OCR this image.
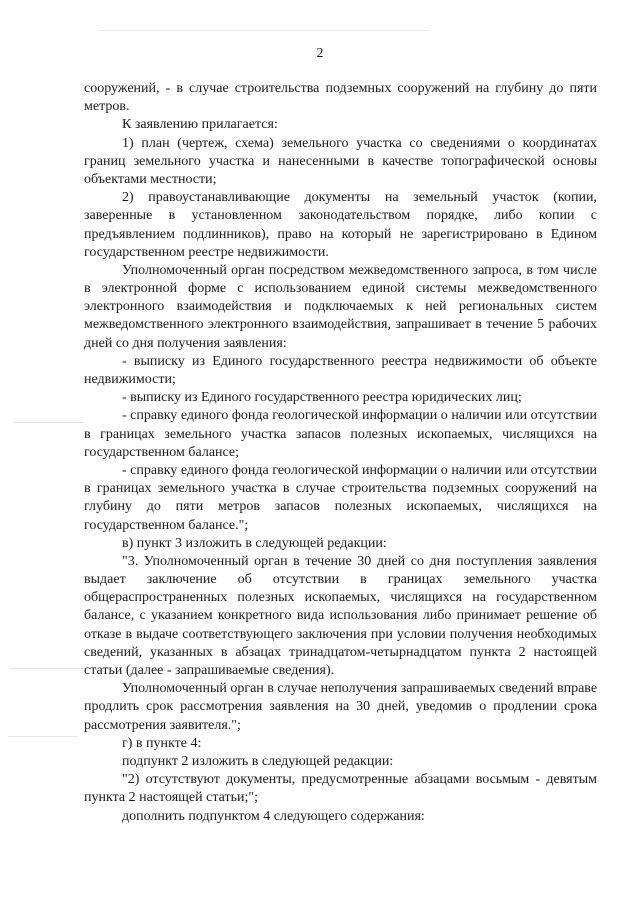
2
сооружений, - в случае строительства подземных сооружений на глубину до пяти
метров.
К заявлению прилагается:
1) план (чертеж, схема) земельного участка со сведениями о координатах
границ земельного участка и нанесенными в качестве топографической основы
объектами местности;
2) правоустанавливающие документы на земельный участок (копии,
заверенные в установленном законодательством порядке, либо копии с
предъявлением подлинников), право на который не зарегистрировано в Едином
государственном реестре недвижимости.
Уполномоченный орган посредством межведомственного запроса, в том числе
в электронной форме с использованием единой системы межведомственного
электронного взаимодействия и подключаемых к ней региональных систем
межведомственного электронного взаимодействия, запрашивает в течение 5 рабочих
дней со дня получения заявления:
- выписку из Единого государственного реестра недвижимости об объекте
недвижимости;
- выписку из Единого государственного реестра юридических лиц;
- справку единого фонда геологической информации о наличии или отсутствии
в границах земельного участка запасов полезных ископаемых, числящихся на
государственном балансе;
- справку единого фонда геологической информации о наличии или отсутствии
в границах земельного участка в случае строительства подземных сооружений на
глубину до пяти метров запасов полезных ископаемых, числящихся на
государственном балансе.";
в) пункт 3 изложить в следующей редакции:
"3. Уполномоченный орган в течение 30 дней со дня поступления заявления
выдает заключение об отсутствии в границах земельного участка
общераспространенных полезных ископаемых, числящихся на государственном
балансе, с указанием конкретного вида использования либо принимает решение об
отказе в выдаче соответствующего заключения при условии получения необходимых
сведений, указанных в абзацах тринадцатом-четырнадцатом пункта 2 настоящей
статьи (далее - запрашиваемые сведения).
Уполномоченный орган в случае неполучения запрашиваемых сведений вправе
продлить срок рассмотрения заявления на 30 дней, уведомив о продлении срока
рассмотрения заявителя.";
г) в пункте 4:
подпункт 2 изложить в следующей редакции:
"2) отсутствуют документы, предусмотренные абзацами восьмым - девятым
пункта 2 настоящей статьи;";
дополнить подпунктом 4 следующего содержания:
